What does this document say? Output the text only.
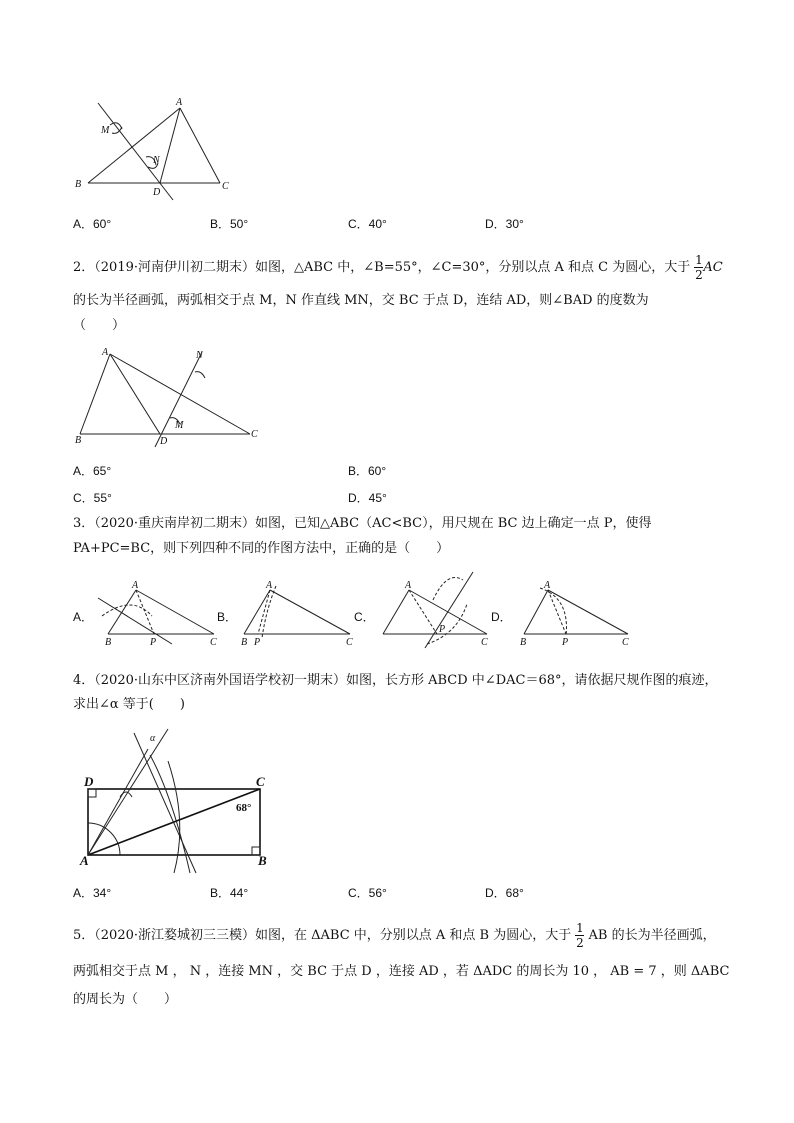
A
M
N
B
D
C
A．60°	B．50°	C．40°	D．30°
2．（2019·河南伊川初二期末）如图，△ABC 中，∠B=55°，∠C=30°，分别以点 A 和点 C 为圆心，大于 $\frac{1}{2}$ AC
的长为半径画弧，两弧相交于点 M，N 作直线 MN，交 BC 于点 D，连结 AD，则∠BAD 的度数为
（　　）
A	N
M
B	D
C
A．65°	B．60°
C．55°	D．45°
3．（2020·重庆南岸初二期末）如图，已知△ABC（AC<BC），用尺规在 BC 边上确定一点 P，使得
PA+PC=BC，则下列四种不同的作图方法中，正确的是（　　）
A．
A
B	P	C
B．
A
B P	C
C．
A
P
C
D．
A
B	P	C
4．（2020·山东中区济南外国语学校初一期末）如图，长方形 ABCD 中∠DAC＝68°，请依据尺规作图的痕迹，
求出∠α 等于(　　)
α
D	C
A	B
68°
A．34°	B．44°	C．56°	D．68°
5．（2020·浙江婺城初三三模）如图，在 ΔABC 中，分别以点 A 和点 B 为圆心，大于 $\frac{1}{2}$ AB 的长为半径画弧，
两弧相交于点 M ， N ，连接 MN ，交 BC 于点 D ，连接 AD ，若 ΔADC 的周长为 10 ， AB = 7 ，则 ΔABC
的周长为（　　）
